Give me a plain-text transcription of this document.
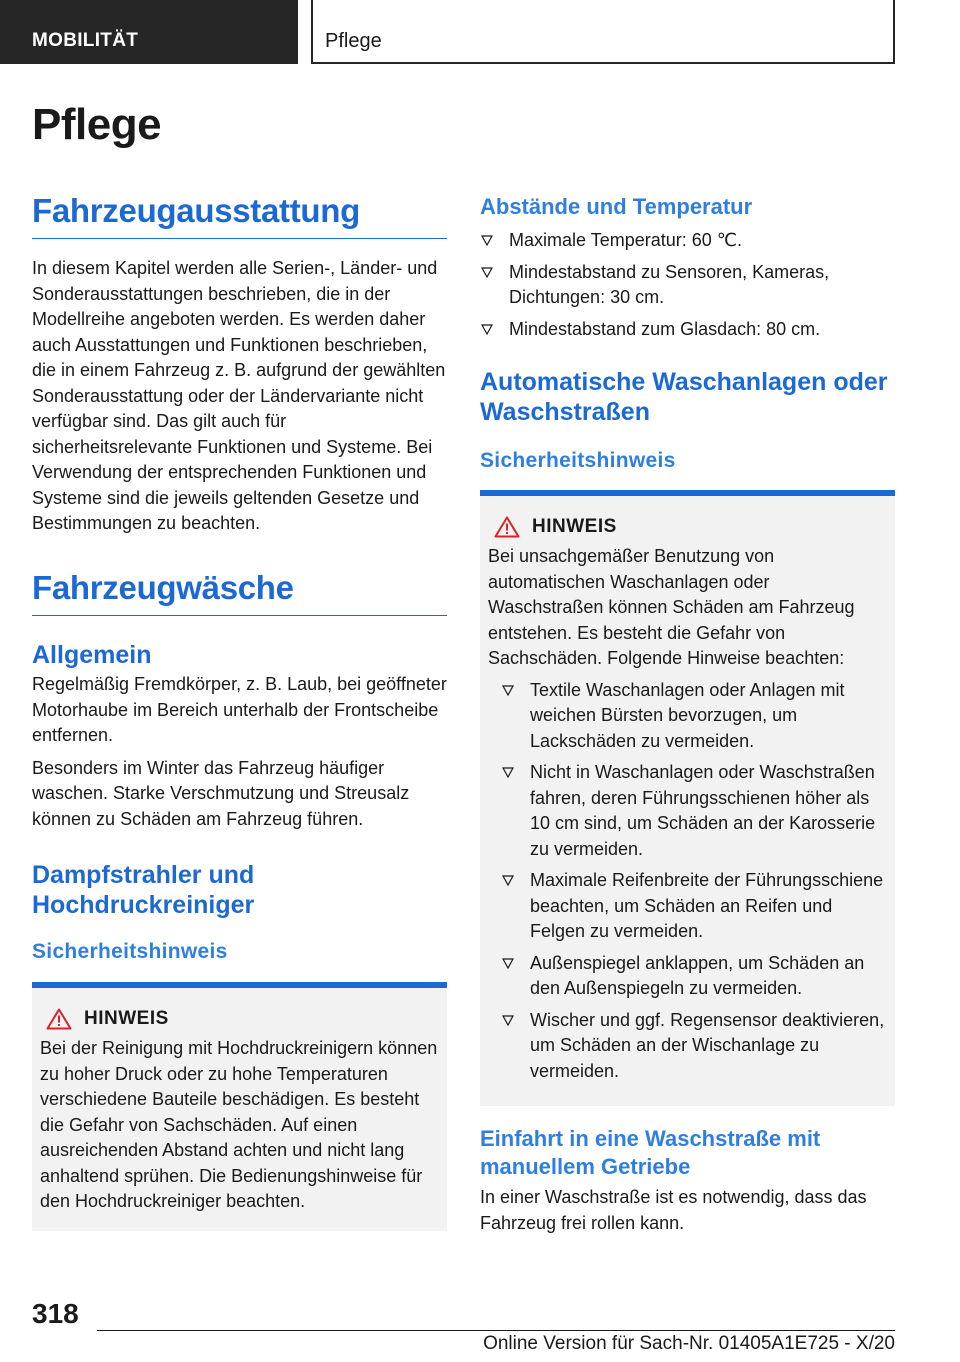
MOBILITÄT	Pflege
Pflege
Fahrzeugausstattung

In diesem Kapitel werden alle Serien-, Länder- und Sonderausstattungen beschrieben, die in der Modellreihe angeboten werden. Es werden daher auch Ausstattungen und Funktionen beschrieben, die in einem Fahrzeug z. B. aufgrund der gewählten Sonderausstattung oder der Ländervariante nicht verfügbar sind. Das gilt auch für sicherheitsrelevante Funktionen und Systeme. Bei Verwendung der entsprechenden Funktionen und Systeme sind die jeweils geltenden Gesetze und Bestimmungen zu beachten.

Fahrzeugwäsche
Allgemein

Regelmäßig Fremdkörper, z. B. Laub, bei geöffneter Motorhaube im Bereich unterhalb der Frontscheibe entfernen.

Besonders im Winter das Fahrzeug häufiger waschen. Starke Verschmutzung und Streusalz können zu Schäden am Fahrzeug führen.

Dampfstrahler und Hochdruckreiniger
Sicherheitshinweis
HINWEIS

Bei der Reinigung mit Hochdruckreinigern können zu hoher Druck oder zu hohe Temperaturen verschiedene Bauteile beschädigen. Es besteht die Gefahr von Sachschäden. Auf einen ausreichenden Abstand achten und nicht lang anhaltend sprühen. Die Bedienungshinweise für den Hochdruckreiniger beachten.

Abstände und Temperatur
Maximale Temperatur: 60 ℃.
Mindestabstand zu Sensoren, Kameras, Dichtungen: 30 cm.
Mindestabstand zum Glasdach: 80 cm.
Automatische Waschanlagen oder Waschstraßen
Sicherheitshinweis
HINWEIS

Bei unsachgemäßer Benutzung von automatischen Waschanlagen oder Waschstraßen können Schäden am Fahrzeug entstehen. Es besteht die Gefahr von Sachschäden. Folgende Hinweise beachten:

Textile Waschanlagen oder Anlagen mit weichen Bürsten bevorzugen, um Lackschäden zu vermeiden.
Nicht in Waschanlagen oder Waschstraßen fahren, deren Führungsschienen höher als 10 cm sind, um Schäden an der Karosserie zu vermeiden.
Maximale Reifenbreite der Führungsschiene beachten, um Schäden an Reifen und Felgen zu vermeiden.
Außenspiegel anklappen, um Schäden an den Außenspiegeln zu vermeiden.
Wischer und ggf. Regensensor deaktivieren, um Schäden an der Wischanlage zu vermeiden.
Einfahrt in eine Waschstraße mit manuellem Getriebe

In einer Waschstraße ist es notwendig, dass das Fahrzeug frei rollen kann.

318
Online Version für Sach-Nr. 01405A1E725 - X/20
